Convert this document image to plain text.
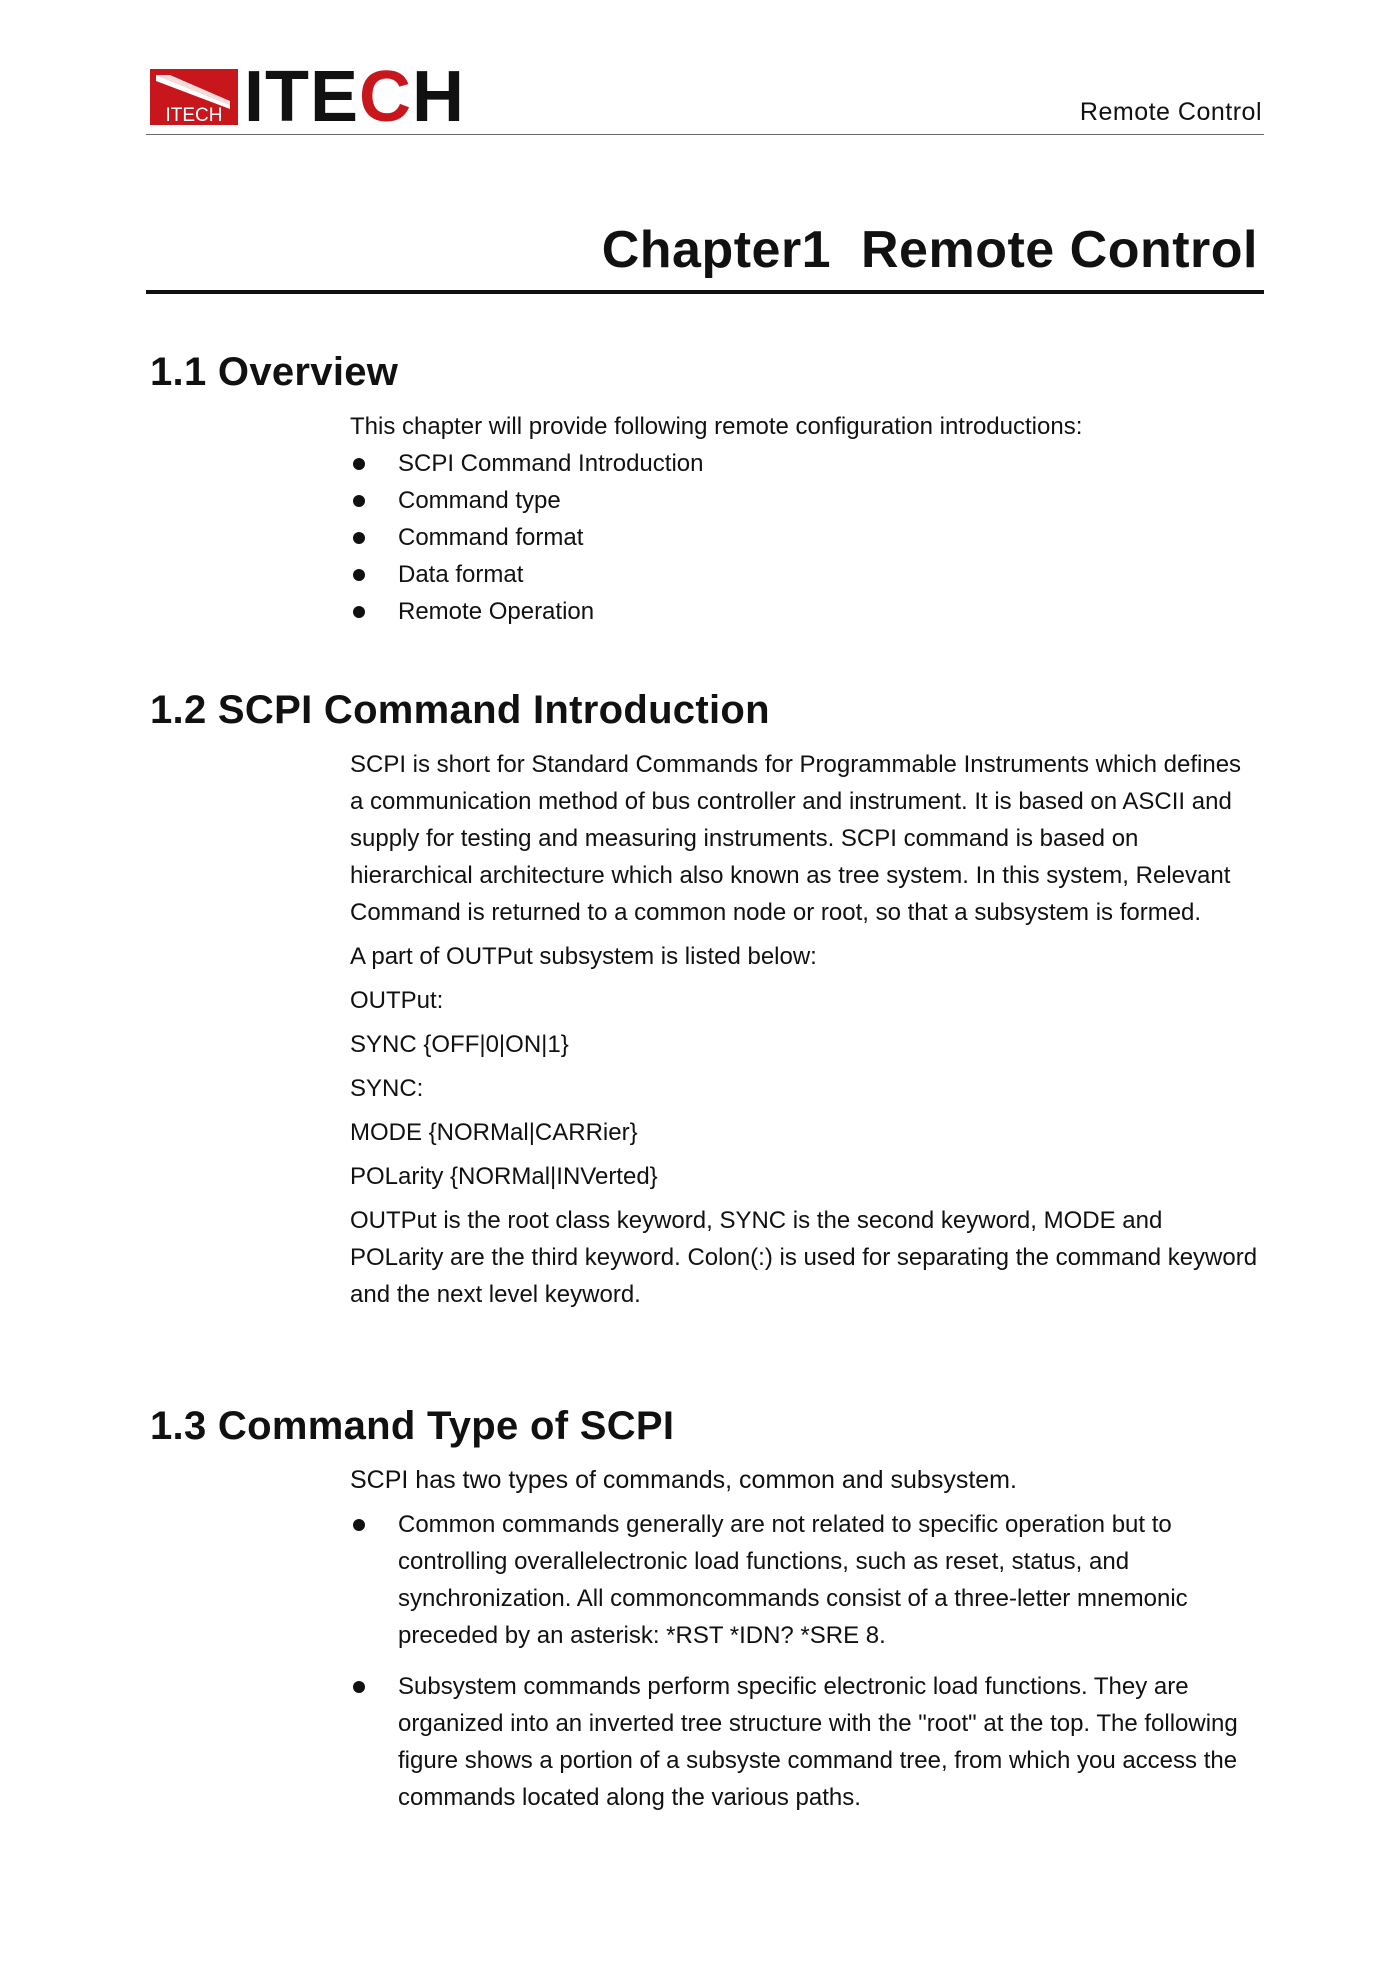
ITECH IT E C H	Remote Control
Chapter1  Remote Control
1.1 Overview

This chapter will provide following remote configuration introductions:

SCPI Command Introduction
Command type
Command format
Data format
Remote Operation
1.2 SCPI Command Introduction

SCPI is short for Standard Commands for Programmable Instruments which defines a communication method of bus controller and instrument. It is based on ASCII and supply for testing and measuring instruments. SCPI command is based on hierarchical architecture which also known as tree system. In this system, Relevant Command is returned to a common node or root, so that a subsystem is formed.

A part of OUTPut subsystem is listed below:

OUTPut:

SYNC {OFF|0|ON|1}

SYNC:

MODE {NORMal|CARRier}

POLarity {NORMal|INVerted}

OUTPut is the root class keyword, SYNC is the second keyword, MODE and POLarity are the third keyword. Colon(:) is used for separating the command keyword and the next level keyword.

1.3 Command Type of SCPI

SCPI has two types of commands, common and subsystem.

Common commands generally are not related to specific operation but to controlling overallelectronic load functions, such as reset, status, and synchronization. All commoncommands consist of a three-letter mnemonic preceded by an asterisk: *RST *IDN? *SRE 8.
Subsystem commands perform specific electronic load functions. They are organized into an inverted tree structure with the "root" at the top. The following figure shows a portion of a subsyste command tree, from which you access the commands located along the various paths.
